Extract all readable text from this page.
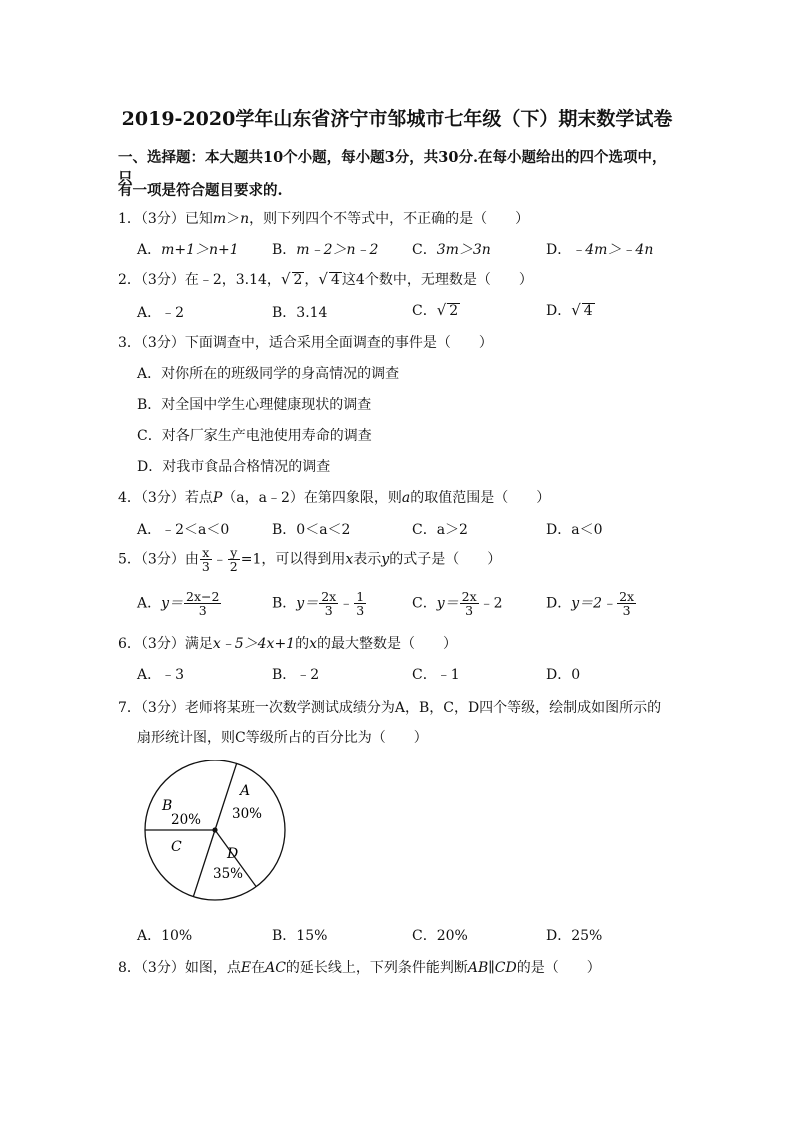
2019-2020学年山东省济宁市邹城市七年级（下）期末数学试卷
一、选择题：本大题共10个小题，每小题3分，共30分.在每小题给出的四个选项中，只
有一项是符合题目要求的.
1．（3分）已知m＞n，则下列四个不等式中，不正确的是（　　）
A．m+1＞n+1 B．m﹣2＞n﹣2 C．3m＞3n	D．﹣4m＞﹣4n
2．（3分）在﹣2，3.14，√ 2 ，√ 4 这4个数中，无理数是（　　）
A．﹣2	B．3.14	C．√ 2	D．√ 4
3．（3分）下面调查中，适合采用全面调查的事件是（　　）
A．对你所在的班级同学的身高情况的调查
B．对全国中学生心理健康现状的调查
C．对各厂家生产电池使用寿命的调查
D．对我市食品合格情况的调查
4．（3分）若点P（a，a﹣2）在第四象限，则a的取值范围是（　　）
A．﹣2＜a＜0	B．0＜a＜2	C．a＞2	D．a＜0
5．（3分）由 $\frac{x}{3}$ ﹣ $\frac{y}{2} =1$，可以得到用x表示y的式子是（　　）
A．$y= \frac{2x-2}{3}$	B．$y= \frac{2x}{3}$ ﹣ $\frac{1}{3}$	C．$y= \frac{2x}{3}$ ﹣2	D．y＝2﹣ $\frac{2x}{3}$
6．（3分）满足x﹣5＞4x+1的x的最大整数是（　　）
A．﹣3	B．﹣2	C．﹣1	D．0
7．（3分）老师将某班一次数学测试成绩分为A，B，C，D四个等级，绘制成如图所示的
扇形统计图，则C等级所占的百分比为（　　）
A
30%
B
20%
C	D
35%
A．10%	B．15%	C．20%	D．25%
8．（3分）如图，点E在AC的延长线上，下列条件能判断AB∥CD的是（　　）
